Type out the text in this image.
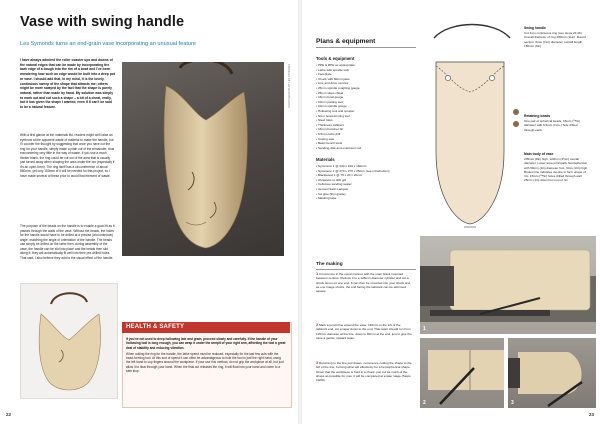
Vase with swing handle
Les Symonds turns an end-grain vase incorporating an unusual feature
PHOTOGRAPHS BY LES SYMONDS

I have always admired the roller coaster ups and downs of the natural edges that can be made by incorporating the bark edge of a bough into the rim of a bowl and I've been wondering how such an edge would be built into a deep pot or vase. I should add that, in my mind, it is the lovely, continuous sweep of the shape that attracts me; others might be more swayed by the fact that the shape is purely natural, rather than made by hand. My solution was simply to mark out and cut such a shape – a bit of a cheat, really, but it has given the shape I wanted, even if it can't be said to be a natural feature.

With a first glance at the materials list, readers might well raise an eyebrow at the apparent waste of material to make the handle, but I'll counter the thought by suggesting that once you have cut the ring for your handle, simply make a plain cut of the remainder, thus encountering very little in the way of waste. If you use a much thicker blank, the ring could be cut out of the area that is usually just turned away when shaping the area under the rim (especially if it's an open-form). The ring itself has a circumference of about 850mm, yet only 150mm of it will be needed for this project, so I have made several of these prior to avoid that element of waste.

The purpose of the beads on the handle is to enable a good fit as it passes through the walls of the vase. Without the beads, the holes for the handle would have to be drilled at a precise (and unknown) angle, matching the angle of orientation of the handle. The beads can simply be drilled on the lathe then, during assembly of the vase, the handle can be slid into place and the beads then slid along it; they will automatically fit well into their pre-drilled holes. That said, I also believe they add to the visual effect of the handle.

HEALTH & SAFETY

If you've not used to deep hollowing late and grain, proceed slowly and carefully. If the handle of your hollowing tool is long enough, you can wrap it under the armpit of your right arm, affording the tool a great deal of stability and reducing vibration.

When cutting the ring for the handle, the lathe speed must be reduced, especially for the last few cuts with the bead-forming tool. At this sort of speed it can often be advantageous to hold the tool in just the right hand, using the left hand to cup fingers around the workpiece. If your use this method, do not grip the workpiece at all, but just allow it to float through your hand. When the final cut releases the ring, it will float into your hand and come to a safe stop.

22
Plans & equipment
Tools & equipment
• PPE & RPE as appropriate
• Lathe with spindle lock
• Faceplate
• Chuck with 60mm jaws
• Live and drive centres
• 25mm spindle roughing gouge
• 25mm skew chisel
• 15mm bowl gouge
• 10mm parting tool
• 10mm spindle gouge
• Hollowing tool and scraper
• 6mm bead-forming tool
• Steel rules
• Thickness callipers
• 15mm Forstner bit
• 6.5mm twist drill
• Coping saw
• Basic bench tools
• Sanding disk and extension rod
Materials
• Sycamore 1 @ 240 x 160 x 160mm
• Sycamore 1 @ 270 x 270 x 25mm (see introduction)
• Blackwood 1 @ 75 x 20 x 20mm
• Abrasives to 400 grit
• Cellulose sanding sealer
• Aerosol Satin Lacquer
• CA glue (thin grade)
• Masking tape
Swing handle
Cut from continuous ring (see steps 22-26). Overall diameter of ring 280mm (11in). Round section, 6mm (¼in) diameter, overall length 150mm (6in)
Retaining beads
One pair of spherical beads, 15mm (⁵⁈in) diameter with 6.5mm (¼in+) hole drilled through each
Main body of vase
205mm (8in) high, 120mm (4½in) overall diameter. Lower area principally hemispherical with 50mm (2in) diameter foot, 3mm (⅛in) high. Broken line indicates cut-line to form shape of rim. 15mm (⁵⁈in) holes drilled through wall 25mm (1in) down from top of rim
The making

1 Commence in the usual manner with the main blank mounted between centres. Reduce it to a 125mm diameter cylinder and cut a chuck tenon on one end. It can then be mounted into your chuck and, as one image shows, the end facing the tailstock can be skimmed square.

2 Mark a pencil line around the vase, 140mm to the left of the tailstock end, cut a taper down to the end. That taper should run from 120mm diameter at the line, down to 90mm at the end, just to give the vase a gentle, upward taper.

3 Returning to the line just drawn, commence cutting the shape to the left of the line, forming what will effectively be a hemispherical shape. Given that the workpiece is held in a chuck, just cut as much of the shape as possible for now, it will be completed at a later stage (Steps 19/20).

1
2	3
23
